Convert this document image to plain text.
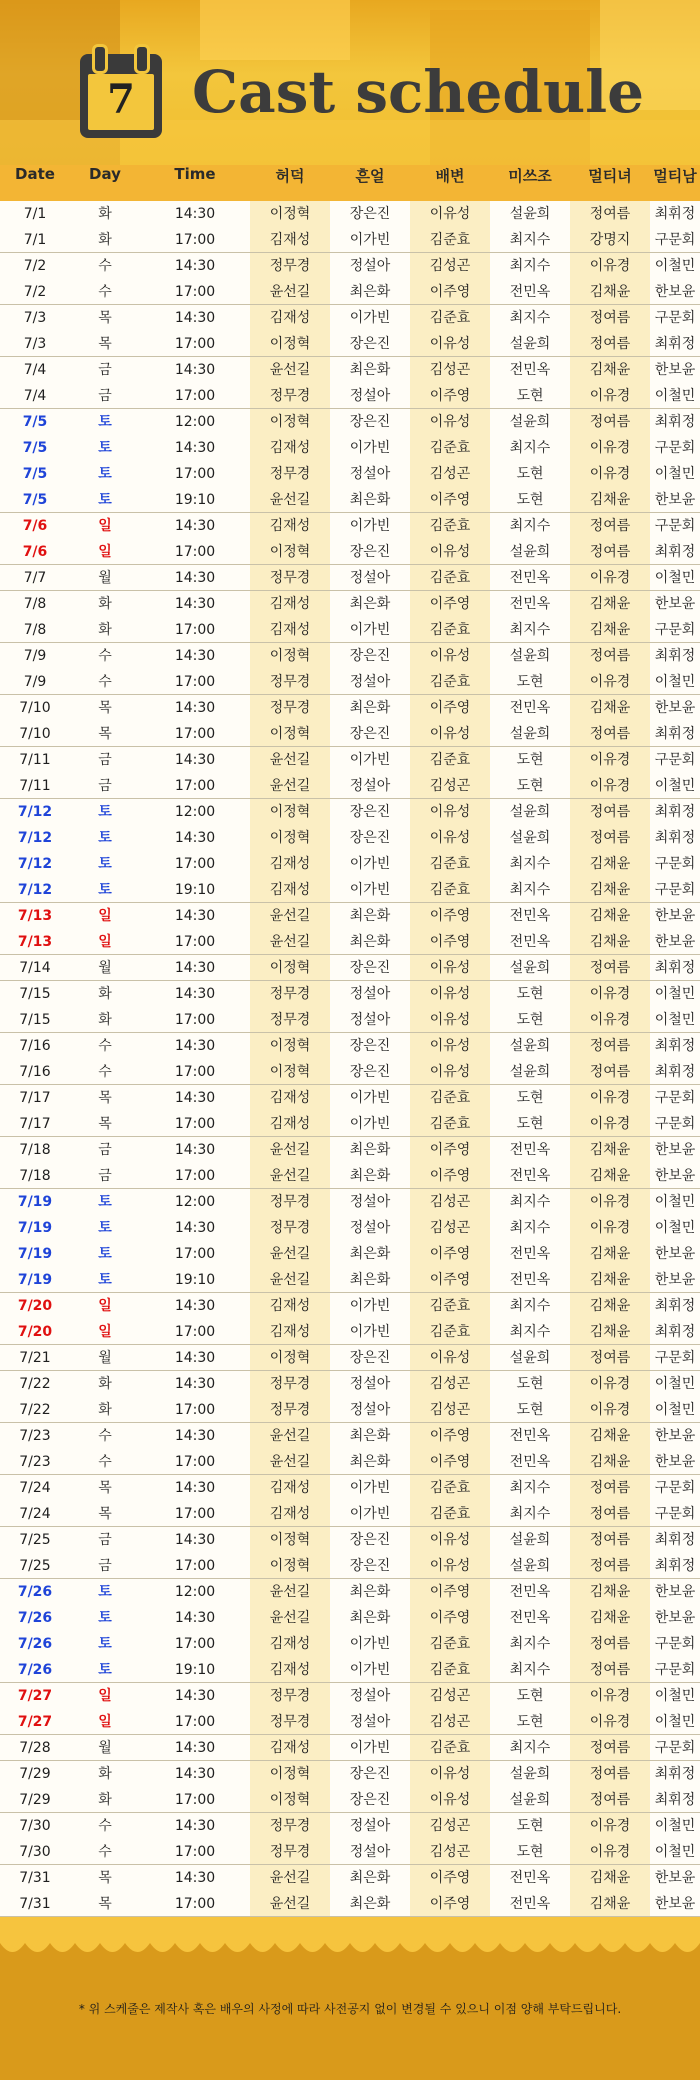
7 Cast schedule
Date	Day	Time	허덕	흔얼	배변	미쓰조	멀티녀	멀티남
7/1	화	14:30	이정혁	장은진	이유성	설윤희	정여름	최휘정
7/1	화	17:00	김재성	이가빈	김준효	최지수	강명지	구문회
7/2	수	14:30	정무경	정설아	김성곤	최지수	이유경	이철민
7/2	수	17:00	윤선길	최은화	이주영	전민옥	김채윤	한보윤
7/3	목	14:30	김재성	이가빈	김준효	최지수	정여름	구문회
7/3	목	17:00	이정혁	장은진	이유성	설윤희	정여름	최휘정
7/4	금	14:30	윤선길	최은화	김성곤	전민옥	김채윤	한보윤
7/4	금	17:00	정무경	정설아	이주영	도현	이유경	이철민
7/5	토	12:00	이정혁	장은진	이유성	설윤희	정여름	최휘정
7/5	토	14:30	김재성	이가빈	김준효	최지수	이유경	구문회
7/5	토	17:00	정무경	정설아	김성곤	도현	이유경	이철민
7/5	토	19:10	윤선길	최은화	이주영	도현	김채윤	한보윤
7/6	일	14:30	김재성	이가빈	김준효	최지수	정여름	구문회
7/6	일	17:00	이정혁	장은진	이유성	설윤희	정여름	최휘정
7/7	월	14:30	정무경	정설아	김준효	전민옥	이유경	이철민
7/8	화	14:30	김재성	최은화	이주영	전민옥	김채윤	한보윤
7/8	화	17:00	김재성	이가빈	김준효	최지수	김채윤	구문회
7/9	수	14:30	이정혁	장은진	이유성	설윤희	정여름	최휘정
7/9	수	17:00	정무경	정설아	김준효	도현	이유경	이철민
7/10	목	14:30	정무경	최은화	이주영	전민옥	김채윤	한보윤
7/10	목	17:00	이정혁	장은진	이유성	설윤희	정여름	최휘정
7/11	금	14:30	윤선길	이가빈	김준효	도현	이유경	구문회
7/11	금	17:00	윤선길	정설아	김성곤	도현	이유경	이철민
7/12	토	12:00	이정혁	장은진	이유성	설윤희	정여름	최휘정
7/12	토	14:30	이정혁	장은진	이유성	설윤희	정여름	최휘정
7/12	토	17:00	김재성	이가빈	김준효	최지수	김채윤	구문회
7/12	토	19:10	김재성	이가빈	김준효	최지수	김채윤	구문회
7/13	일	14:30	윤선길	최은화	이주영	전민옥	김채윤	한보윤
7/13	일	17:00	윤선길	최은화	이주영	전민옥	김채윤	한보윤
7/14	월	14:30	이정혁	장은진	이유성	설윤희	정여름	최휘정
7/15	화	14:30	정무경	정설아	이유성	도현	이유경	이철민
7/15	화	17:00	정무경	정설아	이유성	도현	이유경	이철민
7/16	수	14:30	이정혁	장은진	이유성	설윤희	정여름	최휘정
7/16	수	17:00	이정혁	장은진	이유성	설윤희	정여름	최휘정
7/17	목	14:30	김재성	이가빈	김준효	도현	이유경	구문회
7/17	목	17:00	김재성	이가빈	김준효	도현	이유경	구문회
7/18	금	14:30	윤선길	최은화	이주영	전민옥	김채윤	한보윤
7/18	금	17:00	윤선길	최은화	이주영	전민옥	김채윤	한보윤
7/19	토	12:00	정무경	정설아	김성곤	최지수	이유경	이철민
7/19	토	14:30	정무경	정설아	김성곤	최지수	이유경	이철민
7/19	토	17:00	윤선길	최은화	이주영	전민옥	김채윤	한보윤
7/19	토	19:10	윤선길	최은화	이주영	전민옥	김채윤	한보윤
7/20	일	14:30	김재성	이가빈	김준효	최지수	김채윤	최휘정
7/20	일	17:00	김재성	이가빈	김준효	최지수	김채윤	최휘정
7/21	월	14:30	이정혁	장은진	이유성	설윤희	정여름	구문회
7/22	화	14:30	정무경	정설아	김성곤	도현	이유경	이철민
7/22	화	17:00	정무경	정설아	김성곤	도현	이유경	이철민
7/23	수	14:30	윤선길	최은화	이주영	전민옥	김채윤	한보윤
7/23	수	17:00	윤선길	최은화	이주영	전민옥	김채윤	한보윤
7/24	목	14:30	김재성	이가빈	김준효	최지수	정여름	구문회
7/24	목	17:00	김재성	이가빈	김준효	최지수	정여름	구문회
7/25	금	14:30	이정혁	장은진	이유성	설윤희	정여름	최휘정
7/25	금	17:00	이정혁	장은진	이유성	설윤희	정여름	최휘정
7/26	토	12:00	윤선길	최은화	이주영	전민옥	김채윤	한보윤
7/26	토	14:30	윤선길	최은화	이주영	전민옥	김채윤	한보윤
7/26	토	17:00	김재성	이가빈	김준효	최지수	정여름	구문회
7/26	토	19:10	김재성	이가빈	김준효	최지수	정여름	구문회
7/27	일	14:30	정무경	정설아	김성곤	도현	이유경	이철민
7/27	일	17:00	정무경	정설아	김성곤	도현	이유경	이철민
7/28	월	14:30	김재성	이가빈	김준효	최지수	정여름	구문회
7/29	화	14:30	이정혁	장은진	이유성	설윤희	정여름	최휘정
7/29	화	17:00	이정혁	장은진	이유성	설윤희	정여름	최휘정
7/30	수	14:30	정무경	정설아	김성곤	도현	이유경	이철민
7/30	수	17:00	정무경	정설아	김성곤	도현	이유경	이철민
7/31	목	14:30	윤선길	최은화	이주영	전민옥	김채윤	한보윤
7/31	목	17:00	윤선길	최은화	이주영	전민옥	김채윤	한보윤
* 위 스케줄은 제작사 혹은 배우의 사정에 따라 사전공지 없이 변경될 수 있으니 이점 양해 부탁드립니다.
